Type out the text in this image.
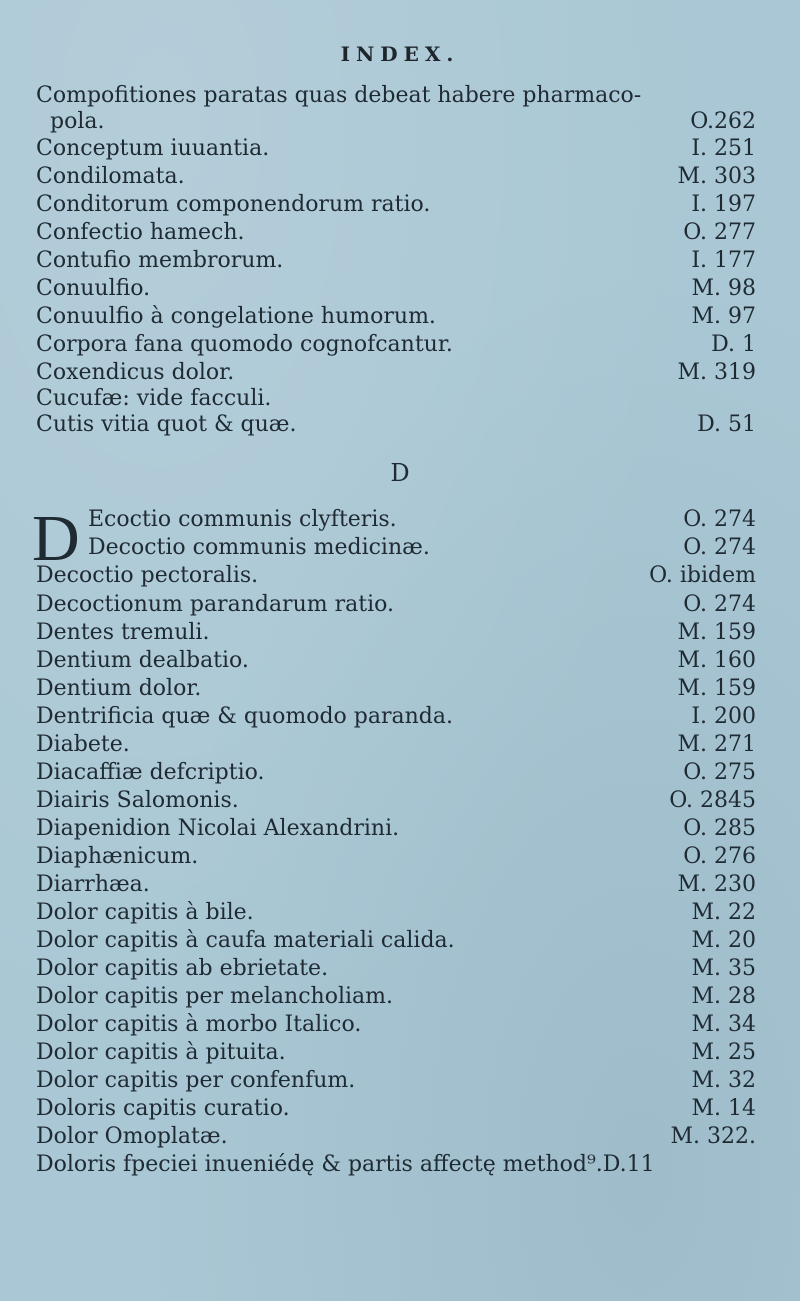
INDEX.
Compofitiones paratas quas debeat habere pharmaco-
pola.	O.262
Conceptum iuuantia.	I. 251
Condilomata.	M. 303
Conditorum componendorum ratio.	I. 197
Confectio hamech.	O. 277
Contufio membrorum.	I. 177
Conuulfio.	M. 98
Conuulfio à congelatione humorum.	M. 97
Corpora fana quomodo cognofcantur.	D. 1
Coxendicus dolor.	M. 319
Cucufæ: vide facculi.
Cutis vitia quot & quæ.	D. 51
D
D Ecoctio communis clyfteris.	O. 274
Decoctio communis medicinæ.	O. 274
Decoctio pectoralis.	O. ibidem
Decoctionum parandarum ratio.	O. 274
Dentes tremuli.	M. 159
Dentium dealbatio.	M. 160
Dentium dolor.	M. 159
Dentrificia quæ & quomodo paranda.	I. 200
Diabete.	M. 271
Diacaffiæ defcriptio.	O. 275
Diairis Salomonis.	O. 2845
Diapenidion Nicolai Alexandrini.	O. 285
Diaphænicum.	O. 276
Diarrhæa.	M. 230
Dolor capitis à bile.	M. 22
Dolor capitis à caufa materiali calida.	M. 20
Dolor capitis ab ebrietate.	M. 35
Dolor capitis per melancholiam.	M. 28
Dolor capitis à morbo Italico.	M. 34
Dolor capitis à pituita.	M. 25
Dolor capitis per confenfum.	M. 32
Doloris capitis curatio.	M. 14
Dolor Omoplatæ.	M. 322.
Doloris fpeciei inueniédę & partis affectę method⁹.D.11
